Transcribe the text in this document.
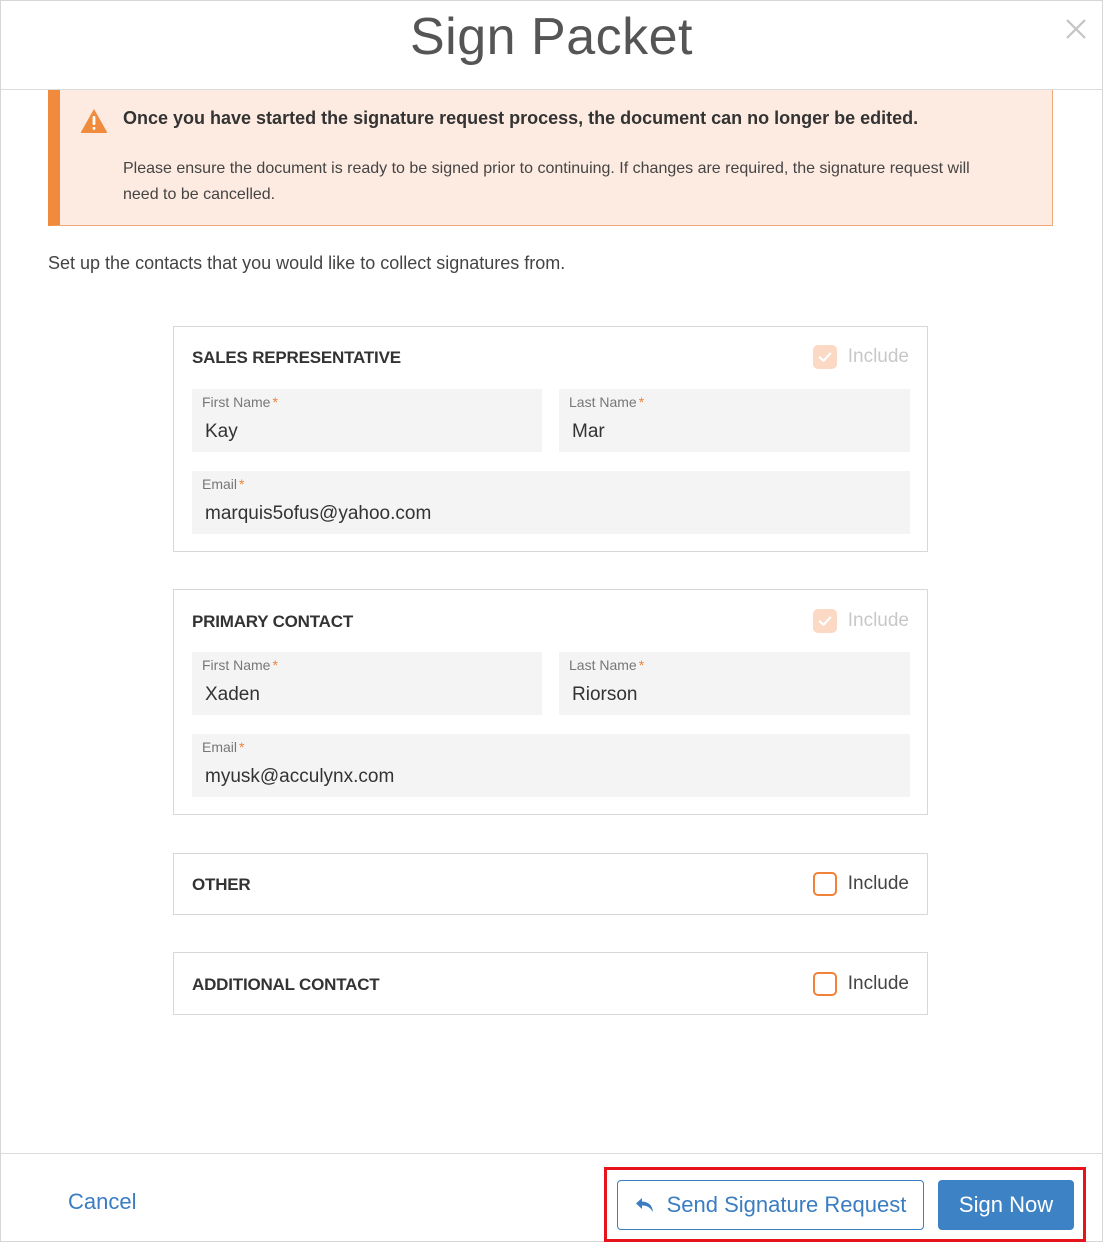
Sign Packet
Once you have started the signature request process, the document can no longer be edited.
Please ensure the document is ready to be signed prior to continuing. If changes are required, the signature request will need to be cancelled.
Set up the contacts that you would like to collect signatures from.
SALES REPRESENTATIVE	Include
First Name *
Kay	Last Name *
Mar
Email *
marquis5ofus@yahoo.com
PRIMARY CONTACT	Include
First Name *
Xaden	Last Name *
Riorson
Email *
myusk@acculynx.com
OTHER	Include
ADDITIONAL CONTACT	Include
Cancel	Send Signature Request	Sign Now
